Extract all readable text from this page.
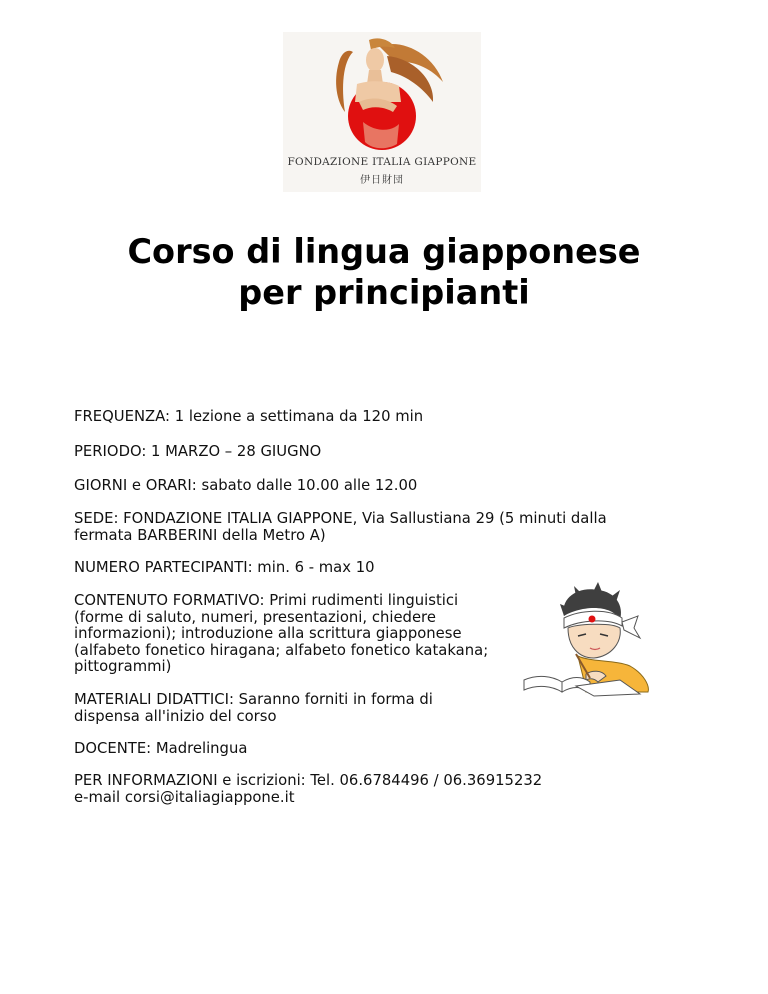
FONDAZIONE ITALIA GIAPPONE
伊日財団
Corso di lingua giapponese
per principianti
FREQUENZA: 1 lezione a settimana da 120 min
PERIODO: 1 MARZO – 28 GIUGNO
GIORNI e ORARI: sabato dalle 10.00 alle 12.00
SEDE: FONDAZIONE ITALIA GIAPPONE, Via Sallustiana 29 (5 minuti dalla
fermata BARBERINI della Metro A)
NUMERO PARTECIPANTI: min. 6 - max 10
CONTENUTO FORMATIVO: Primi rudimenti linguistici
(forme di saluto, numeri, presentazioni, chiedere
informazioni); introduzione alla scrittura giapponese
(alfabeto fonetico hiragana; alfabeto fonetico katakana;
pittogrammi)
MATERIALI DIDATTICI: Saranno forniti in forma di
dispensa all'inizio del corso
DOCENTE: Madrelingua
PER INFORMAZIONI e iscrizioni: Tel. 06.6784496 / 06.36915232
e-mail corsi@italiagiappone.it
